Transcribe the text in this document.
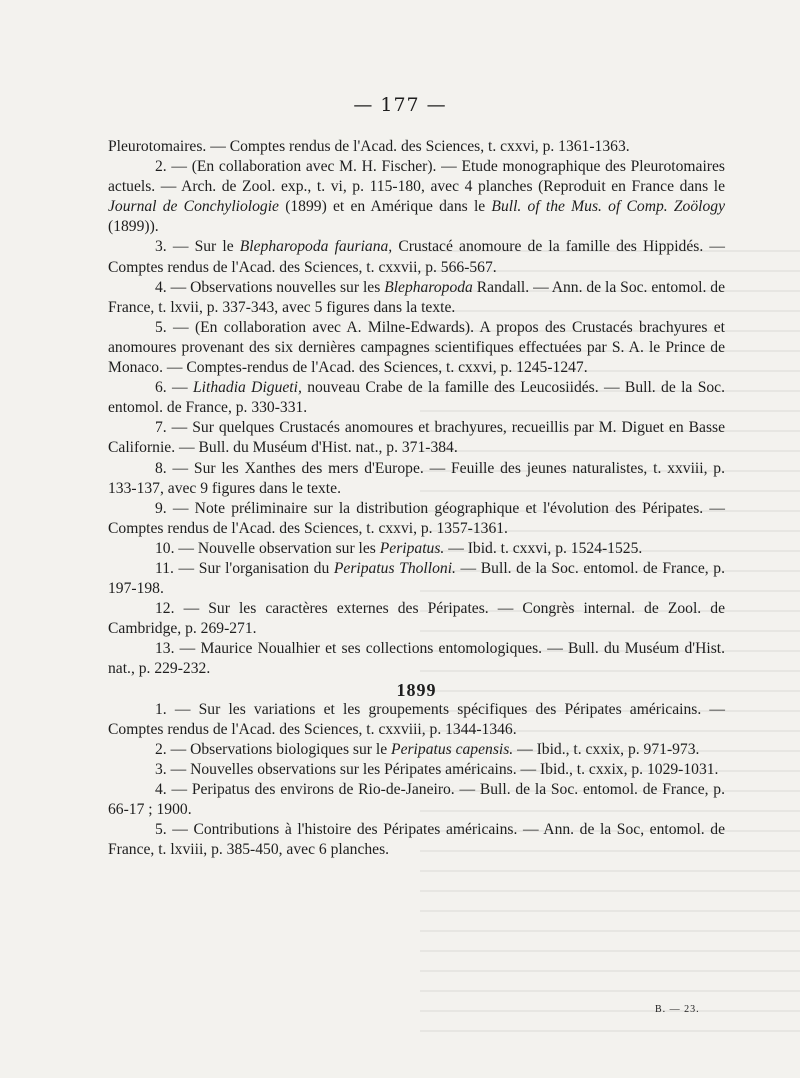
— 177 —

Pleurotomaires. — Comptes rendus de l'Acad. des Sciences, t. cxxvi, p. 1361-1363.

2. — (En collaboration avec M. H. Fischer). — Etude monographique des Pleurotomaires actuels. — Arch. de Zool. exp., t. vi, p. 115-180, avec 4 planches (Reproduit en France dans le Journal de Conchyliologie (1899) et en Amérique dans le Bull. of the Mus. of Comp. Zoölogy (1899)).

3. — Sur le Blepharopoda fauriana, Crustacé anomoure de la famille des Hippidés. — Comptes rendus de l'Acad. des Sciences, t. cxxvii, p. 566-567.

4. — Observations nouvelles sur les Blepharopoda Randall. — Ann. de la Soc. entomol. de France, t. lxvii, p. 337-343, avec 5 figures dans la texte.

5. — (En collaboration avec A. Milne-Edwards). A propos des Crustacés brachyures et anomoures provenant des six dernières campagnes scientifiques effectuées par S. A. le Prince de Monaco. — Comptes-rendus de l'Acad. des Sciences, t. cxxvi, p. 1245-1247.

6. — Lithadia Digueti, nouveau Crabe de la famille des Leucosiidés. — Bull. de la Soc. entomol. de France, p. 330-331.

7. — Sur quelques Crustacés anomoures et brachyures, recueillis par M. Diguet en Basse Californie. — Bull. du Muséum d'Hist. nat., p. 371-384.

8. — Sur les Xanthes des mers d'Europe. — Feuille des jeunes naturalistes, t. xxviii, p. 133-137, avec 9 figures dans le texte.

9. — Note préliminaire sur la distribution géographique et l'évolution des Péripates. — Comptes rendus de l'Acad. des Sciences, t. cxxvi, p. 1357-1361.

10. — Nouvelle observation sur les Peripatus. — Ibid. t. cxxvi, p. 1524-1525.

11. — Sur l'organisation du Peripatus Tholloni. — Bull. de la Soc. entomol. de France, p. 197-198.

12. — Sur les caractères externes des Péripates. — Congrès internal. de Zool. de Cambridge, p. 269-271.

13. — Maurice Noualhier et ses collections entomologiques. — Bull. du Muséum d'Hist. nat., p. 229-232.

1899

1. — Sur les variations et les groupements spécifiques des Péripates américains. — Comptes rendus de l'Acad. des Sciences, t. cxxviii, p. 1344-1346.

2. — Observations biologiques sur le Peripatus capensis. — Ibid., t. cxxix, p. 971-973.

3. — Nouvelles observations sur les Péripates américains. — Ibid., t. cxxix, p. 1029-1031.

4. — Peripatus des environs de Rio-de-Janeiro. — Bull. de la Soc. entomol. de France, p. 66-17 ; 1900.

5. — Contributions à l'histoire des Péripates américains. — Ann. de la Soc, entomol. de France, t. lxviii, p. 385-450, avec 6 planches.

B. — 23.
